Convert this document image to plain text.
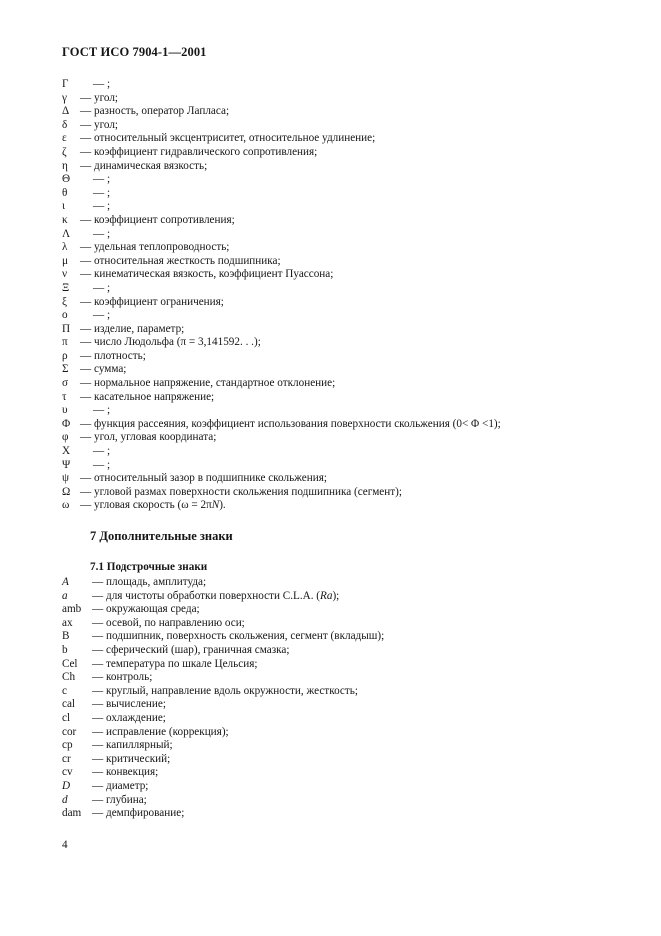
ГОСТ ИСО 7904-1—2001
Γ	— ;
γ	— угол;
Δ — разность, оператор Лапласа;
δ	— угол;
ε	— относительный эксцентриситет, относительное удлинение;
ζ	— коэффициент гидравлического сопротивления;
η	— динамическая вязкость;
Θ	— ;
θ	— ;
ι	— ;
κ	— коэффициент сопротивления;
Λ	— ;
λ	— удельная теплопроводность;
μ	— относительная жесткость подшипника;
ν	— кинематическая вязкость, коэффициент Пуассона;
Ξ	— ;
ξ	— коэффициент ограничения;
ο	— ;
Π — изделие, параметр;
π	— число Людольфа (π = 3,141592. . .);
ρ	— плотность;
Σ	— сумма;
σ	— нормальное напряжение, стандартное отклонение;
τ	— касательное напряжение;
υ	— ;
Φ — функция рассеяния, коэффициент использования поверхности скольжения (0< Φ <1);
φ	— угол, угловая координата;
Χ	— ;
Ψ	— ;
ψ — относительный зазор в подшипнике скольжения;
Ω — угловой размах поверхности скольжения подшипника (сегмент);
ω — угловая скорость (ω = 2πN).
7 Дополнительные знаки
7.1 Подстрочные знаки
A	— площадь, амплитуда;
a	— для чистоты обработки поверхности C.L.A. (Ra);
amb — окружающая среда;
ax	— осевой, по направлению оси;
B	— подшипник, поверхность скольжения, сегмент (вкладыш);
b	— сферический (шар), граничная смазка;
Cel	— температура по шкале Цельсия;
Ch	— контроль;
c	— круглый, направление вдоль окружности, жесткость;
cal	— вычисление;
cl	— охлаждение;
cor	— исправление (коррекция);
cp	— капиллярный;
cr	— критический;
cv	— конвекция;
D	— диаметр;
d	— глубина;
dam — демпфирование;
4
